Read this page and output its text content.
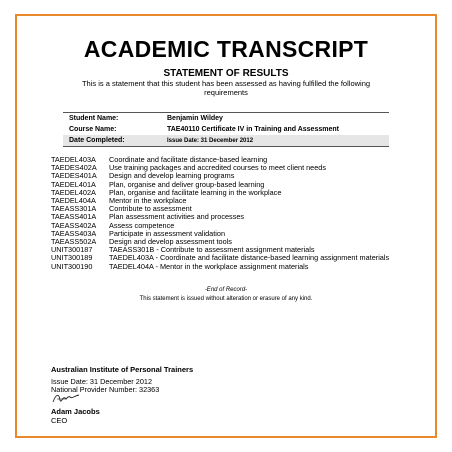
ACADEMIC TRANSCRIPT
STATEMENT OF RESULTS
This is a statement that this student has been assessed as having fulfilled the following requirements
Student Name:	Benjamin Wildey
Course Name:	TAE40110 Certificate IV in Training and Assessment
Date Completed:	Issue Date: 31 December 2012
TAEDEL403A	Coordinate and facilitate distance-based learning
TAEDES402A	Use training packages and accredited courses to meet client needs
TAEDES401A	Design and develop learning programs
TAEDEL401A	Plan, organise and deliver group-based learning
TAEDEL402A	Plan, organise and facilitate learning in the workplace
TAEDEL404A	Mentor in the workplace
TAEASS301A	Contribute to assessment
TAEASS401A	Plan assessment activities and processes
TAEASS402A	Assess competence
TAEASS403A	Participate in assessment validation
TAEASS502A	Design and develop assessment tools
UNIT300187	TAEASS301B - Contribute to assessment assignment materials
UNIT300189	TAEDEL403A - Coordinate and facilitate distance-based learning assignment materials
UNIT300190	TAEDEL404A - Mentor in the workplace assignment materials
-End of Record-
This statement is issued without alteration or erasure of any kind.
Australian Institute of Personal Trainers
Issue Date: 31 December 2012
National Provider Number: 32363
Adam Jacobs
CEO
